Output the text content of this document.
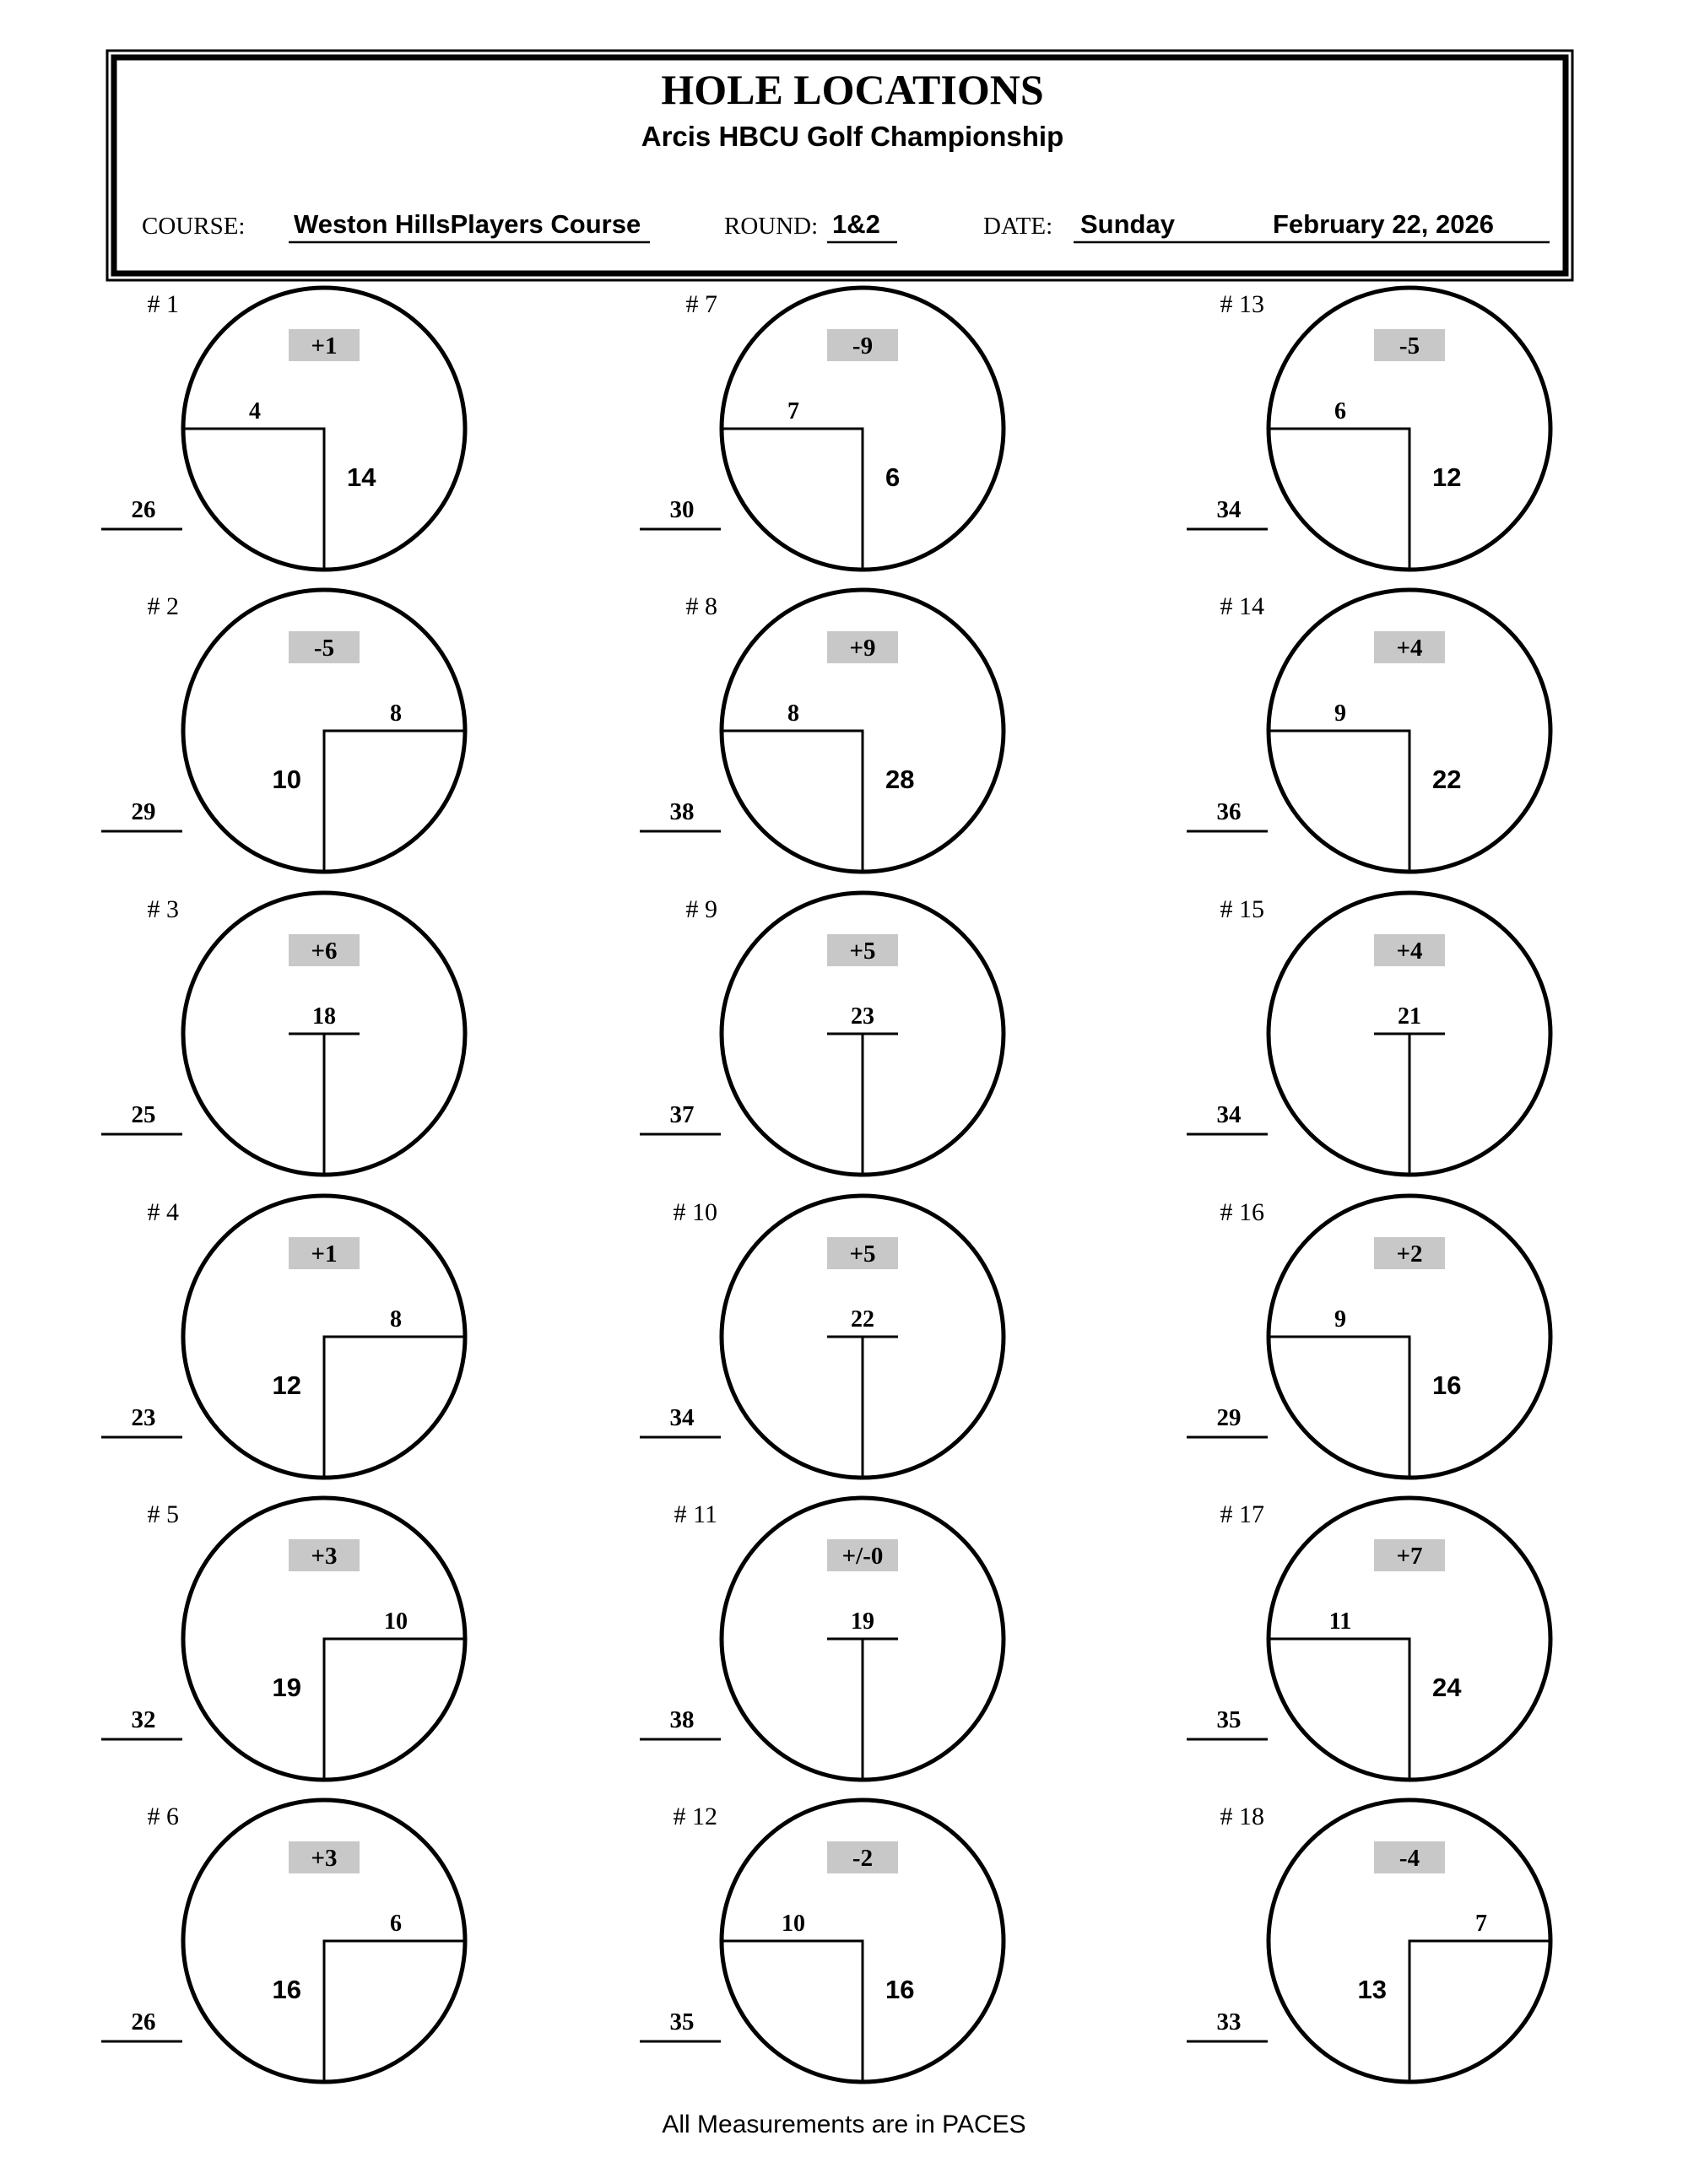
HOLE LOCATIONS
Arcis HBCU Golf Championship
COURSE: Weston HillsPlayers Course	ROUND: 1&2	DATE: Sunday	February 22, 2026
# 1
+1
4
14
26
# 2
-5
8
10
29
# 3
+6
18
25
# 4
+1
8
12
23
# 5
+3
10
19
32
# 6
+3
6
16
26
# 7
-9
7
6
30
# 8
+9
8
28
38
# 9
+5
23
37
# 10
+5
22
34
# 11
+/-0
19
38
# 12
-2
10
16
35
# 13
-5
6
12
34
# 14
+4
9
22
36
# 15
+4
21
34
# 16
+2
9
16
29
# 17
+7
11
24
35
# 18
-4
7
13
33
All Measurements are in PACES
